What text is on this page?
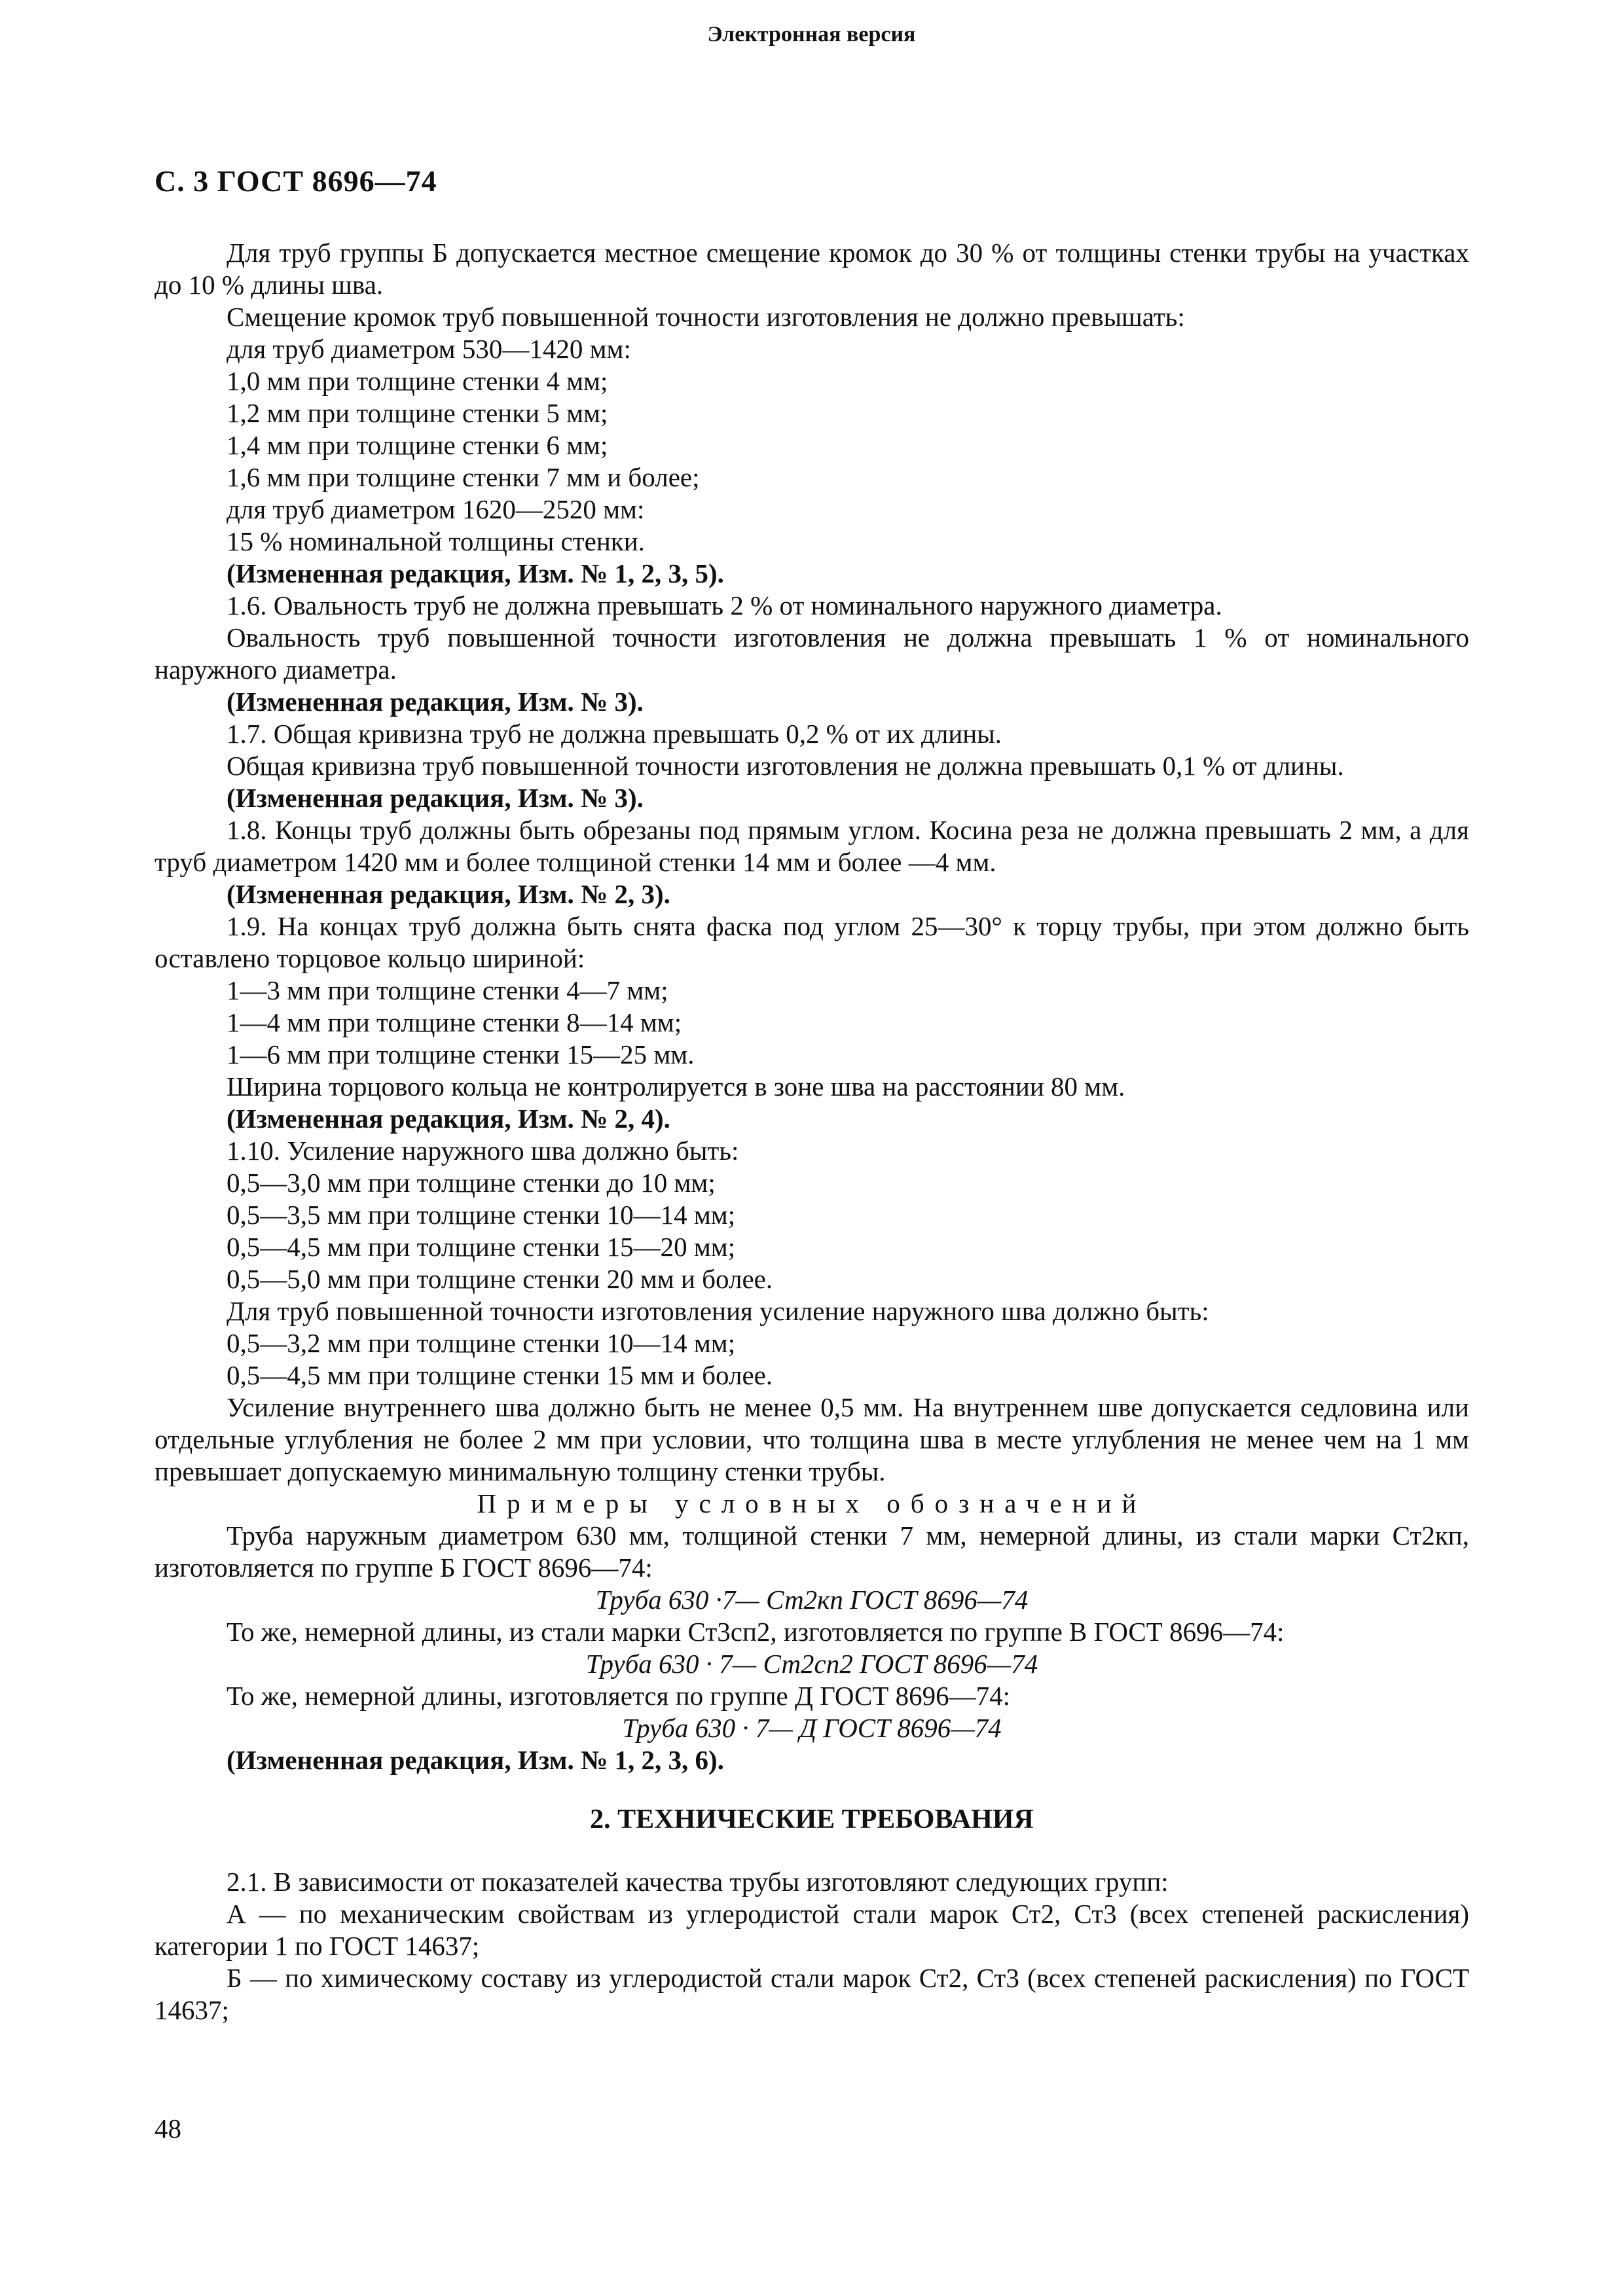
Электронная версия
С. 3 ГОСТ 8696—74

Для труб группы Б допускается местное смещение кромок до 30 % от толщины стенки трубы на участках до 10 % длины шва.

Смещение кромок труб повышенной точности изготовления не должно превышать:

для труб диаметром 530—1420 мм:

1,0 мм при толщине стенки 4 мм;

1,2 мм при толщине стенки 5 мм;

1,4 мм при толщине стенки 6 мм;

1,6 мм при толщине стенки 7 мм и более;

для труб диаметром 1620—2520 мм:

15 % номинальной толщины стенки.

(Измененная редакция, Изм. № 1, 2, 3, 5).

1.6. Овальность труб не должна превышать 2 % от номинального наружного диаметра.

Овальность труб повышенной точности изготовления не должна превышать 1 % от номинального наружного диаметра.

(Измененная редакция, Изм. № 3).

1.7. Общая кривизна труб не должна превышать 0,2 % от их длины.

Общая кривизна труб повышенной точности изготовления не должна превышать 0,1 % от длины.

(Измененная редакция, Изм. № 3).

1.8. Концы труб должны быть обрезаны под прямым углом. Косина реза не должна превышать 2 мм, а для труб диаметром 1420 мм и более толщиной стенки 14 мм и более —4 мм.

(Измененная редакция, Изм. № 2, 3).

1.9. На концах труб должна быть снята фаска под углом 25—30° к торцу трубы, при этом должно быть оставлено торцовое кольцо шириной:

1—3 мм при толщине стенки 4—7 мм;

1—4 мм при толщине стенки 8—14 мм;

1—6 мм при толщине стенки 15—25 мм.

Ширина торцового кольца не контролируется в зоне шва на расстоянии 80 мм.

(Измененная редакция, Изм. № 2, 4).

1.10. Усиление наружного шва должно быть:

0,5—3,0 мм при толщине стенки до 10 мм;

0,5—3,5 мм при толщине стенки 10—14 мм;

0,5—4,5 мм при толщине стенки 15—20 мм;

0,5—5,0 мм при толщине стенки 20 мм и более.

Для труб повышенной точности изготовления усиление наружного шва должно быть:

0,5—3,2 мм при толщине стенки 10—14 мм;

0,5—4,5 мм при толщине стенки 15 мм и более.

Усиление внутреннего шва должно быть не менее 0,5 мм. На внутреннем шве допускается седловина или отдельные углубления не более 2 мм при условии, что толщина шва в месте углубления не менее чем на 1 мм превышает допускаемую минимальную толщину стенки трубы.

Примеры условных обозначений

Труба наружным диаметром 630 мм, толщиной стенки 7 мм, немерной длины, из стали марки Ст2кп, изготовляется по группе Б ГОСТ 8696—74:

Труба 630 ·7— Ст2кп ГОСТ 8696—74

То же, немерной длины, из стали марки Ст3сп2, изготовляется по группе В ГОСТ 8696—74:

Труба 630 · 7— Ст2сп2 ГОСТ 8696—74

То же, немерной длины, изготовляется по группе Д ГОСТ 8696—74:

Труба 630 · 7— Д ГОСТ 8696—74

(Измененная редакция, Изм. № 1, 2, 3, 6).

2. ТЕХНИЧЕСКИЕ ТРЕБОВАНИЯ

2.1. В зависимости от показателей качества трубы изготовляют следующих групп:

А — по механическим свойствам из углеродистой стали марок Ст2, Ст3 (всех степеней раскисления) категории 1 по ГОСТ 14637;

Б — по химическому составу из углеродистой стали марок Ст2, Ст3 (всех степеней раскисления) по ГОСТ 14637;

48
